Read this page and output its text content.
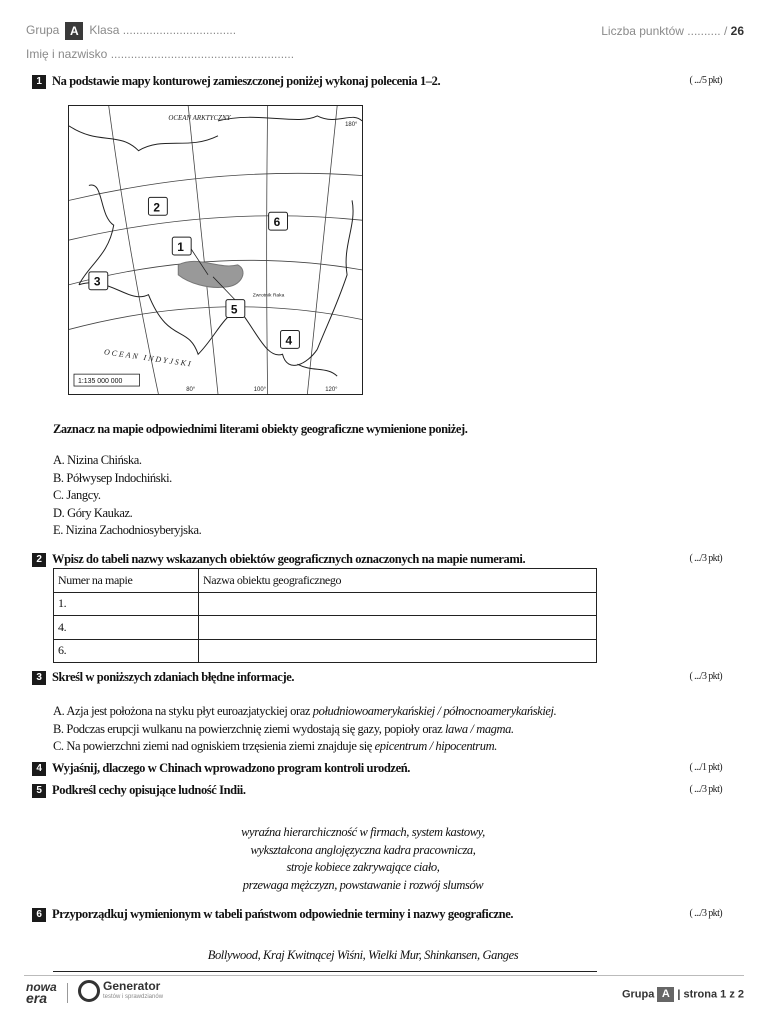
Grupa A Klasa ..................................	Liczba punktów .......... / 26
Imię i nazwisko .......................................................
1 Na podstawie mapy konturowej zamieszczonej poniżej wykonaj polecenia 1–2.	( .../5 pkt)
OCEAN ARKTYCZNY
OCEAN INDYJSKI
Zwrotnik Raka
180°
80°	100°	120°
1:135 000 000
2
1
3
6
5
4
Zaznacz na mapie odpowiednimi literami obiekty geograficzne wymienione poniżej.
A. Nizina Chińska.
B. Półwysep Indochiński.
C. Jangcy.
D. Góry Kaukaz.
E. Nizina Zachodniosyberyjska.
2 Wpisz do tabeli nazwy wskazanych obiektów geograficznych oznaczonych na mapie numerami.	( .../3 pkt)
Numer na mapie	Nazwa obiektu geograficznego
1.	
4.	
6.	
3 Skreśl w poniższych zdaniach błędne informacje.	( .../3 pkt)
A. Azja jest położona na styku płyt euroazjatyckiej oraz południowoamerykańskiej / północnoamerykańskiej.
B. Podczas erupcji wulkanu na powierzchnię ziemi wydostają się gazy, popioły oraz lawa / magma.
C. Na powierzchni ziemi nad ogniskiem trzęsienia ziemi znajduje się epicentrum / hipocentrum.
4 Wyjaśnij, dlaczego w Chinach wprowadzono program kontroli urodzeń.	( .../1 pkt)
5 Podkreśl cechy opisujące ludność Indii.	( .../3 pkt)
wyraźna hierarchiczność w firmach, system kastowy,
wykształcona anglojęzyczna kadra pracownicza,
stroje kobiece zakrywające ciało,
przewaga mężczyzn, powstawanie i rozwój slumsów
6 Przyporządkuj wymienionym w tabeli państwom odpowiednie terminy i nazwy geograficzne.	( .../3 pkt)
Bollywood, Kraj Kwitnącej Wiśni, Wielki Mur, Shinkansen, Ganges
nowa
era
Generator
testów i sprawdzianów	Grupa A | strona 1 z 2
